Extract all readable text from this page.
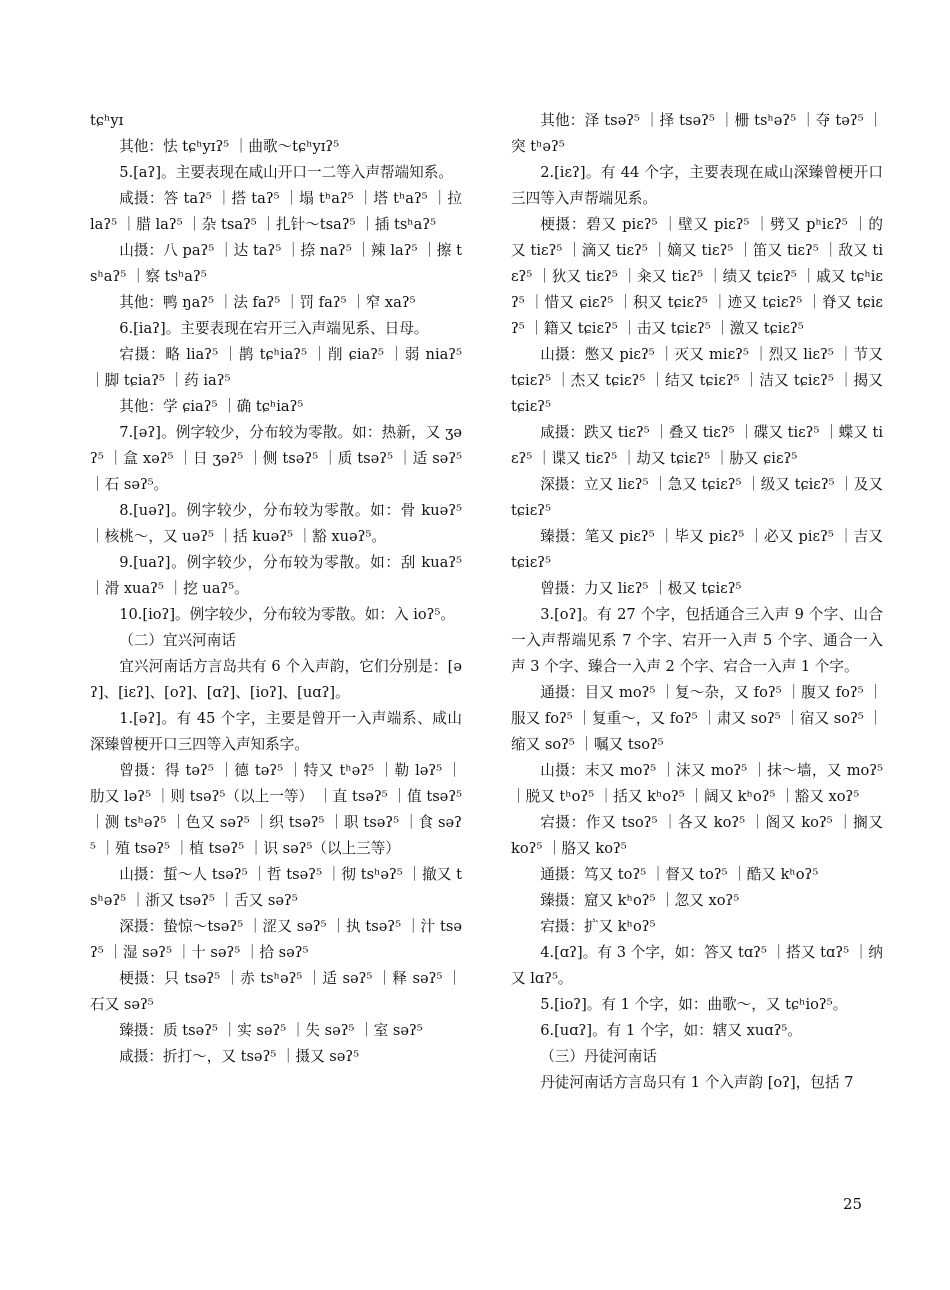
tɕʰyɪ

其他：怯 tɕʰyɪʔ⁵ ｜曲歌～tɕʰyɪʔ⁵

5.[aʔ]。主要表现在咸山开口一二等入声帮端知系。

咸摄：答 taʔ⁵ ｜搭 taʔ⁵ ｜塌 tʰaʔ⁵ ｜塔 tʰaʔ⁵ ｜拉 laʔ⁵ ｜腊 laʔ⁵ ｜杂 tsaʔ⁵ ｜扎针～tsaʔ⁵ ｜插 tsʰaʔ⁵

山摄：八 paʔ⁵ ｜达 taʔ⁵ ｜捺 naʔ⁵ ｜辣 laʔ⁵ ｜擦 tsʰaʔ⁵ ｜察 tsʰaʔ⁵

其他：鸭 ŋaʔ⁵ ｜法 faʔ⁵ ｜罚 faʔ⁵ ｜窄 xaʔ⁵

6.[iaʔ]。主要表现在宕开三入声端见系、日母。

宕摄：略 liaʔ⁵ ｜鹊 tɕʰiaʔ⁵ ｜削 ɕiaʔ⁵ ｜弱 niaʔ⁵ ｜脚 tɕiaʔ⁵ ｜药 iaʔ⁵

其他：学 ɕiaʔ⁵ ｜确 tɕʰiaʔ⁵

7.[əʔ]。例字较少，分布较为零散。如：热新，又 ʒəʔ⁵ ｜盒 xəʔ⁵ ｜日 ʒəʔ⁵ ｜侧 tsəʔ⁵ ｜质 tsəʔ⁵ ｜适 səʔ⁵ ｜石 səʔ⁵。

8.[uəʔ]。例字较少，分布较为零散。如：骨 kuəʔ⁵ ｜核桃～，又 uəʔ⁵ ｜括 kuəʔ⁵ ｜豁 xuəʔ⁵。

9.[uaʔ]。例字较少，分布较为零散。如：刮 kuaʔ⁵ ｜滑 xuaʔ⁵ ｜挖 uaʔ⁵。

10.[ioʔ]。例字较少，分布较为零散。如：入 ioʔ⁵。

（二）宜兴河南话

宜兴河南话方言岛共有 6 个入声韵，它们分别是：[əʔ]、[iɛʔ]、[oʔ]、[ɑʔ]、[ioʔ]、[uɑʔ]。

1.[əʔ]。有 45 个字，主要是曾开一入声端系、咸山深臻曾梗开口三四等入声知系字。

曾摄：得 təʔ⁵ ｜德 təʔ⁵ ｜特又 tʰəʔ⁵ ｜勒 ləʔ⁵ ｜肋又 ləʔ⁵ ｜则 tsəʔ⁵（以上一等） ｜直 tsəʔ⁵ ｜值 tsəʔ⁵ ｜测 tsʰəʔ⁵ ｜色又 səʔ⁵ ｜织 tsəʔ⁵ ｜职 tsəʔ⁵ ｜食 səʔ⁵ ｜殖 tsəʔ⁵ ｜植 tsəʔ⁵ ｜识 səʔ⁵（以上三等）

山摄：蜇～人 tsəʔ⁵ ｜哲 tsəʔ⁵ ｜彻 tsʰəʔ⁵ ｜撤又 tsʰəʔ⁵ ｜浙又 tsəʔ⁵ ｜舌又 səʔ⁵

深摄：蛰惊～tsəʔ⁵ ｜涩又 səʔ⁵ ｜执 tsəʔ⁵ ｜汁 tsəʔ⁵ ｜湿 səʔ⁵ ｜十 səʔ⁵ ｜拾 səʔ⁵

梗摄：只 tsəʔ⁵ ｜赤 tsʰəʔ⁵ ｜适 səʔ⁵ ｜释 səʔ⁵ ｜石又 səʔ⁵

臻摄：质 tsəʔ⁵ ｜实 səʔ⁵ ｜失 səʔ⁵ ｜室 səʔ⁵

咸摄：折打～，又 tsəʔ⁵ ｜摄又 səʔ⁵

其他：泽 tsəʔ⁵ ｜择 tsəʔ⁵ ｜栅 tsʰəʔ⁵ ｜夺 təʔ⁵ ｜突 tʰəʔ⁵

2.[iɛʔ]。有 44 个字，主要表现在咸山深臻曾梗开口三四等入声帮端见系。

梗摄：碧又 piɛʔ⁵ ｜壁又 piɛʔ⁵ ｜劈又 pʰiɛʔ⁵ ｜的又 tiɛʔ⁵ ｜滴又 tiɛʔ⁵ ｜嫡又 tiɛʔ⁵ ｜笛又 tiɛʔ⁵ ｜敌又 tiɛʔ⁵ ｜狄又 tiɛʔ⁵ ｜籴又 tiɛʔ⁵ ｜绩又 tɕiɛʔ⁵ ｜戚又 tɕʰiɛʔ⁵ ｜惜又 ɕiɛʔ⁵ ｜积又 tɕiɛʔ⁵ ｜迹又 tɕiɛʔ⁵ ｜脊又 tɕiɛʔ⁵ ｜籍又 tɕiɛʔ⁵ ｜击又 tɕiɛʔ⁵ ｜激又 tɕiɛʔ⁵

山摄：憋又 piɛʔ⁵ ｜灭又 miɛʔ⁵ ｜烈又 liɛʔ⁵ ｜节又 tɕiɛʔ⁵ ｜杰又 tɕiɛʔ⁵ ｜结又 tɕiɛʔ⁵ ｜洁又 tɕiɛʔ⁵ ｜揭又 tɕiɛʔ⁵

咸摄：跌又 tiɛʔ⁵ ｜叠又 tiɛʔ⁵ ｜碟又 tiɛʔ⁵ ｜蝶又 tiɛʔ⁵ ｜谍又 tiɛʔ⁵ ｜劫又 tɕiɛʔ⁵ ｜胁又 ɕiɛʔ⁵

深摄：立又 liɛʔ⁵ ｜急又 tɕiɛʔ⁵ ｜级又 tɕiɛʔ⁵ ｜及又 tɕiɛʔ⁵

臻摄：笔又 piɛʔ⁵ ｜毕又 piɛʔ⁵ ｜必又 piɛʔ⁵ ｜吉又 tɕiɛʔ⁵

曾摄：力又 liɛʔ⁵ ｜极又 tɕiɛʔ⁵

3.[oʔ]。有 27 个字，包括通合三入声 9 个字、山合一入声帮端见系 7 个字、宕开一入声 5 个字、通合一入声 3 个字、臻合一入声 2 个字、宕合一入声 1 个字。

通摄：目又 moʔ⁵ ｜复～杂，又 foʔ⁵ ｜腹又 foʔ⁵ ｜服又 foʔ⁵ ｜复重～，又 foʔ⁵ ｜肃又 soʔ⁵ ｜宿又 soʔ⁵ ｜缩又 soʔ⁵ ｜嘱又 tsoʔ⁵

山摄：末又 moʔ⁵ ｜沫又 moʔ⁵ ｜抹～墙，又 moʔ⁵ ｜脱又 tʰoʔ⁵ ｜括又 kʰoʔ⁵ ｜阔又 kʰoʔ⁵ ｜豁又 xoʔ⁵

宕摄：作又 tsoʔ⁵ ｜各又 koʔ⁵ ｜阁又 koʔ⁵ ｜搁又 koʔ⁵ ｜胳又 koʔ⁵

通摄：笃又 toʔ⁵ ｜督又 toʔ⁵ ｜酷又 kʰoʔ⁵

臻摄：窟又 kʰoʔ⁵ ｜忽又 xoʔ⁵

宕摄：扩又 kʰoʔ⁵

4.[ɑʔ]。有 3 个字，如：答又 tɑʔ⁵ ｜搭又 tɑʔ⁵ ｜纳又 lɑʔ⁵。

5.[ioʔ]。有 1 个字，如：曲歌～，又 tɕʰioʔ⁵。

6.[uɑʔ]。有 1 个字，如：辖又 xuɑʔ⁵。

（三）丹徒河南话

丹徒河南话方言岛只有 1 个入声韵 [oʔ]，包括 7

25
